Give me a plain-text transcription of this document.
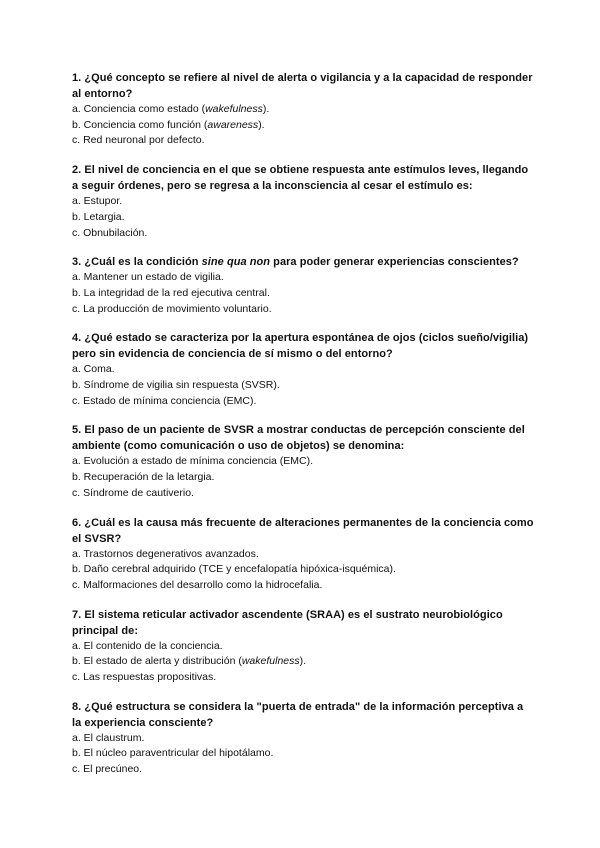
1. ¿Qué concepto se refiere al nivel de alerta o vigilancia y a la capacidad de responder al entorno?

a. Conciencia como estado (wakefulness).
b. Conciencia como función (awareness).
c. Red neuronal por defecto.

2. El nivel de conciencia en el que se obtiene respuesta ante estímulos leves, llegando a seguir órdenes, pero se regresa a la inconsciencia al cesar el estímulo es:

a. Estupor.
b. Letargia.
c. Obnubilación.

3. ¿Cuál es la condición sine qua non para poder generar experiencias conscientes?

a. Mantener un estado de vigilia.
b. La integridad de la red ejecutiva central.
c. La producción de movimiento voluntario.

4. ¿Qué estado se caracteriza por la apertura espontánea de ojos (ciclos sueño/vigilia) pero sin evidencia de conciencia de sí mismo o del entorno?

a. Coma.
b. Síndrome de vigilia sin respuesta (SVSR).
c. Estado de mínima conciencia (EMC).

5. El paso de un paciente de SVSR a mostrar conductas de percepción consciente del ambiente (como comunicación o uso de objetos) se denomina:

a. Evolución a estado de mínima conciencia (EMC).
b. Recuperación de la letargia.
c. Síndrome de cautiverio.

6. ¿Cuál es la causa más frecuente de alteraciones permanentes de la conciencia como el SVSR?

a. Trastornos degenerativos avanzados.
b. Daño cerebral adquirido (TCE y encefalopatía hipóxica-isquémica).
c. Malformaciones del desarrollo como la hidrocefalia.

7. El sistema reticular activador ascendente (SRAA) es el sustrato neurobiológico principal de:

a. El contenido de la conciencia.
b. El estado de alerta y distribución (wakefulness).
c. Las respuestas propositivas.

8. ¿Qué estructura se considera la "puerta de entrada" de la información perceptiva a la experiencia consciente?

a. El claustrum.
b. El núcleo paraventricular del hipotálamo.
c. El precúneo.
